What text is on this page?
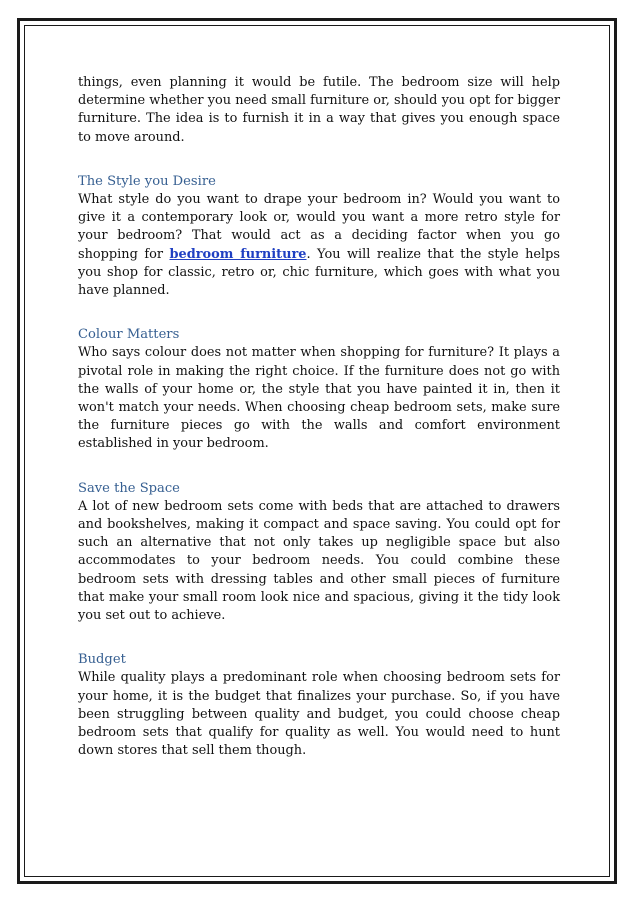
things, even planning it would be futile. The bedroom size will help determine whether you need small furniture or, should you opt for bigger furniture. The idea is to furnish it in a way that gives you enough space to move around.

The Style you Desire

What style do you want to drape your bedroom in? Would you want to give it a contemporary look or, would you want a more retro style for your bedroom? That would act as a deciding factor when you go shopping for bedroom furniture. You will realize that the style helps you shop for classic, retro or, chic furniture, which goes with what you have planned.

Colour Matters

Who says colour does not matter when shopping for furniture? It plays a pivotal role in making the right choice. If the furniture does not go with the walls of your home or, the style that you have painted it in, then it won't match your needs. When choosing cheap bedroom sets, make sure the furniture pieces go with the walls and comfort environment established in your bedroom.

Save the Space

A lot of new bedroom sets come with beds that are attached to drawers and bookshelves, making it compact and space saving. You could opt for such an alternative that not only takes up negligible space but also accommodates to your bedroom needs. You could combine these bedroom sets with dressing tables and other small pieces of furniture that make your small room look nice and spacious, giving it the tidy look you set out to achieve.

Budget

While quality plays a predominant role when choosing bedroom sets for your home, it is the budget that finalizes your purchase. So, if you have been struggling between quality and budget, you could choose cheap bedroom sets that qualify for quality as well. You would need to hunt down stores that sell them though.
